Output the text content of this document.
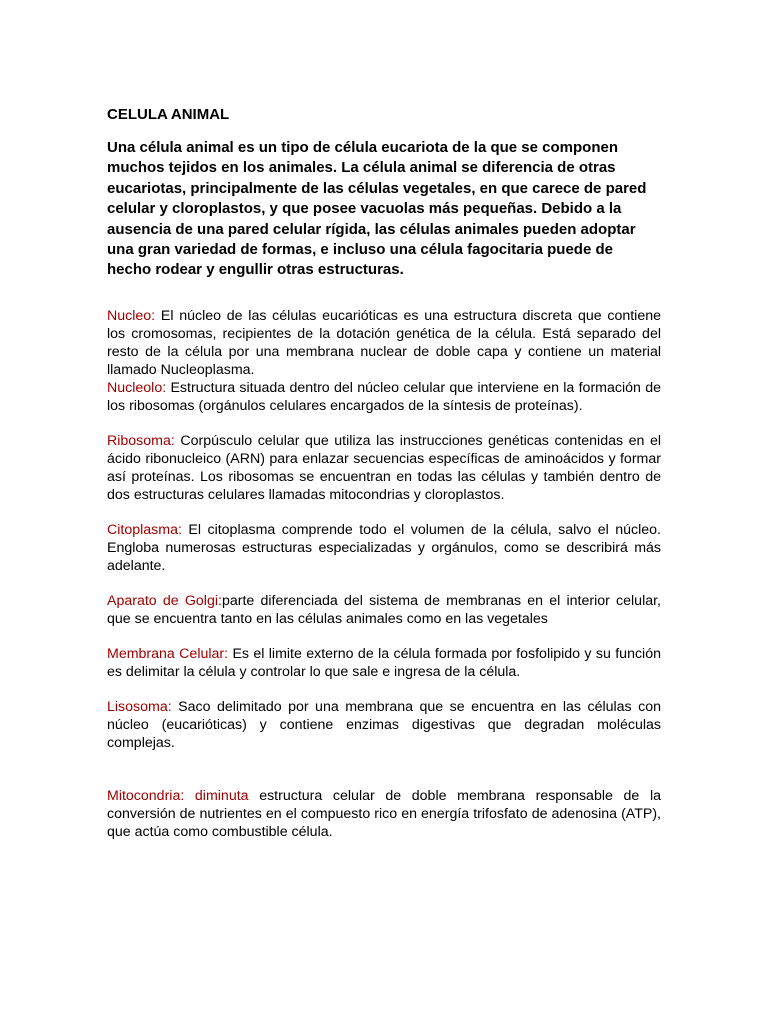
CELULA ANIMAL

Una célula animal es un tipo de célula eucariota de la que se componen muchos tejidos en los animales. La célula animal se diferencia de otras eucariotas, principalmente de las células vegetales, en que carece de pared celular y cloroplastos, y que posee vacuolas más pequeñas. Debido a la ausencia de una pared celular rígida, las células animales pueden adoptar una gran variedad de formas, e incluso una célula fagocitaria puede de hecho rodear y engullir otras estructuras.

Nucleo: El núcleo de las células eucarióticas es una estructura discreta que contiene los cromosomas, recipientes de la dotación genética de la célula. Está separado del resto de la célula por una membrana nuclear de doble capa y contiene un material llamado Nucleoplasma.

Nucleolo: Estructura situada dentro del núcleo celular que interviene en la formación de los ribosomas (orgánulos celulares encargados de la síntesis de proteínas).

Ribosoma: Corpúsculo celular que utiliza las instrucciones genéticas contenidas en el ácido ribonucleico (ARN) para enlazar secuencias específicas de aminoácidos y formar así proteínas. Los ribosomas se encuentran en todas las células y también dentro de dos estructuras celulares llamadas mitocondrias y cloroplastos.

Citoplasma: El citoplasma comprende todo el volumen de la célula, salvo el núcleo. Engloba numerosas estructuras especializadas y orgánulos, como se describirá más adelante.

Aparato de Golgi:parte diferenciada del sistema de membranas en el interior celular, que se encuentra tanto en las células animales como en las vegetales

Membrana Celular: Es el limite externo de la célula formada por fosfolipido y su función es delimitar la célula y controlar lo que sale e ingresa de la célula.

Lisosoma: Saco delimitado por una membrana que se encuentra en las células con núcleo (eucarióticas) y contiene enzimas digestivas que degradan moléculas complejas.

Mitocondria: diminuta estructura celular de doble membrana responsable de la conversión de nutrientes en el compuesto rico en energía trifosfato de adenosina (ATP), que actúa como combustible célula.
